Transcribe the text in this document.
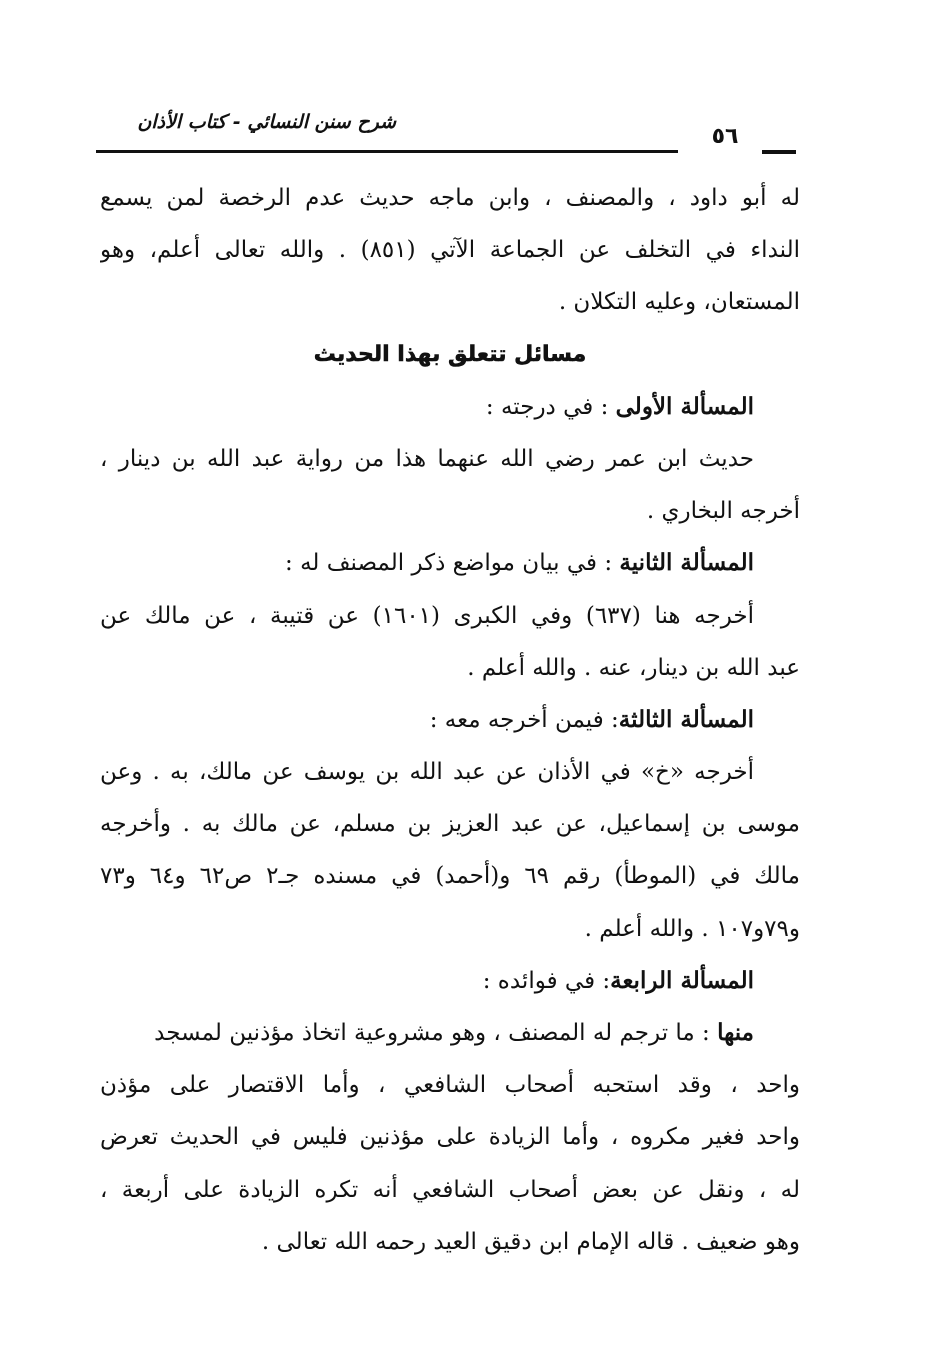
شرح سنن النسائي - كتاب الأذان
٥٦
له أبو داود ، والمصنف ، وابن ماجه حديث عدم الرخصة لمن يسمع
النداء في التخلف عن الجماعة الآتي (٨٥١) . والله تعالى أعلم، وهو
المستعان، وعليه التكلان .
مسائل تتعلق بهذا الحديث
المسألة الأولى : في درجته :
حديث ابن عمر رضي الله عنهما هذا من رواية عبد الله بن دينار ،
أخرجه البخاري .
المسألة الثانية : في بيان مواضع ذكر المصنف له :
أخرجه هنا (٦٣٧) وفي الكبرى (١٦٠١) عن قتيبة ، عن مالك عن
عبد الله بن دينار، عنه . والله أعلم .
المسألة الثالثة: فيمن أخرجه معه :
أخرجه «خ» في الأذان عن عبد الله بن يوسف عن مالك، به . وعن
موسى بن إسماعيل، عن عبد العزيز بن مسلم، عن مالك به . وأخرجه
مالك في (الموطأ) رقم ٦٩ و(أحمد) في مسنده جـ٢ ص٦٢ و٦٤ و٧٣
و٧٩و١٠٧ . والله أعلم .
المسألة الرابعة: في فوائده :
منها : ما ترجم له المصنف ، وهو مشروعية اتخاذ مؤذنين لمسجد
واحد ، وقد استحبه أصحاب الشافعي ، وأما الاقتصار على مؤذن
واحد فغير مكروه ، وأما الزيادة على مؤذنين فليس في الحديث تعرض
له ، ونقل عن بعض أصحاب الشافعي أنه تكره الزيادة على أربعة ،
وهو ضعيف . قاله الإمام ابن دقيق العيد رحمه الله تعالى .
